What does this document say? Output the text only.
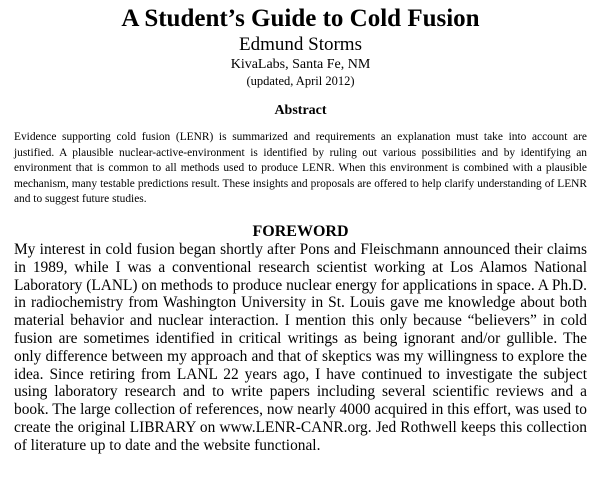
A Student’s Guide to Cold Fusion
Edmund Storms
KivaLabs, Santa Fe, NM
(updated, April 2012)
Abstract

Evidence supporting cold fusion (LENR) is summarized and requirements an explanation must take into account are justified. A plausible nuclear-active-environment is identified by ruling out various possibilities and by identifying an environment that is common to all methods used to produce LENR. When this environment is combined with a plausible mechanism, many testable predictions result. These insights and proposals are offered to help clarify understanding of LENR and to suggest future studies.

FOREWORD

My interest in cold fusion began shortly after Pons and Fleischmann announced their claims in 1989, while I was a conventional research scientist working at Los Alamos National Laboratory (LANL) on methods to produce nuclear energy for applications in space. A Ph.D. in radiochemistry from Washington University in St. Louis gave me knowledge about both material behavior and nuclear interaction. I mention this only because “believers” in cold fusion are sometimes identified in critical writings as being ignorant and/or gullible. The only difference between my approach and that of skeptics was my willingness to explore the idea. Since retiring from LANL 22 years ago, I have continued to investigate the subject using laboratory research and to write papers including several scientific reviews and a book. The large collection of references, now nearly 4000 acquired in this effort, was used to create the original LIBRARY on www.LENR-CANR.org. Jed Rothwell keeps this collection of literature up to date and the website functional.
